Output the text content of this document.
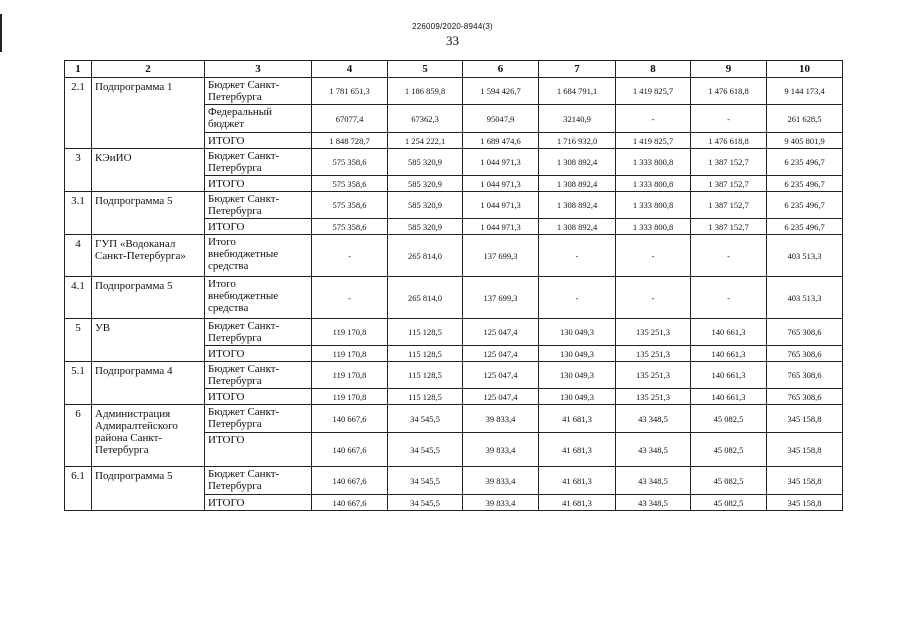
226009/2020-8944(3)
33
1	2	3	4	5	6	7	8	9	10
2.1	Подпрограмма 1	Бюджет Санкт-Петербурга	1 781 651,3	1 186 859,8	1 594 426,7	1 684 791,1	1 419 825,7	1 476 618,8	9 144 173,4
		Федеральный бюджет	67077,4	67362,3	95047,9	32140,9	-	-	261 628,5
		ИТОГО	1 848 728,7	1 254 222,1	1 689 474,6	1 716 932,0	1 419 825,7	1 476 618,8	9 405 801,9
3	КЭиИО	Бюджет Санкт-Петербурга	575 358,6	585 320,9	1 044 971,3	1 308 892,4	1 333 800,8	1 387 152,7	6 235 496,7
		ИТОГО	575 358,6	585 320,9	1 044 971,3	1 308 892,4	1 333 800,8	1 387 152,7	6 235 496,7
3.1	Подпрограмма 5	Бюджет Санкт-Петербурга	575 358,6	585 320,9	1 044 971,3	1 308 892,4	1 333 800,8	1 387 152,7	6 235 496,7
		ИТОГО	575 358,6	585 320,9	1 044 971,3	1 308 892,4	1 333 800,8	1 387 152,7	6 235 496,7
4	ГУП «Водоканал Санкт-Петербурга»	Итого внебюджетные средства	-	265 814,0	137 699,3	-	-	-	403 513,3
4.1	Подпрограмма 5	Итого внебюджетные средства	-	265 814,0	137 699,3	-	-	-	403 513,3
5	УВ	Бюджет Санкт-Петербурга	119 170,8	115 128,5	125 047,4	130 049,3	135 251,3	140 661,3	765 308,6
		ИТОГО	119 170,8	115 128,5	125 047,4	130 049,3	135 251,3	140 661,3	765 308,6
5.1	Подпрограмма 4	Бюджет Санкт-Петербурга	119 170,8	115 128,5	125 047,4	130 049,3	135 251,3	140 661,3	765 308,6
		ИТОГО	119 170,8	115 128,5	125 047,4	130 049,3	135 251,3	140 661,3	765 308,6
6	Администрация Адмиралтейского района Санкт-Петербурга	Бюджет Санкт-Петербурга	140 667,6	34 545,5	39 833,4	41 681,3	43 348,5	45 082,5	345 158,8
		ИТОГО	140 667,6	34 545,5	39 833,4	41 681,3	43 348,5	45 082,5	345 158,8
6.1	Подпрограмма 5	Бюджет Санкт-Петербурга	140 667,6	34 545,5	39 833,4	41 681,3	43 348,5	45 082,5	345 158,8
		ИТОГО	140 667,6	34 545,5	39 833,4	41 681,3	43 348,5	45 082,5	345 158,8
